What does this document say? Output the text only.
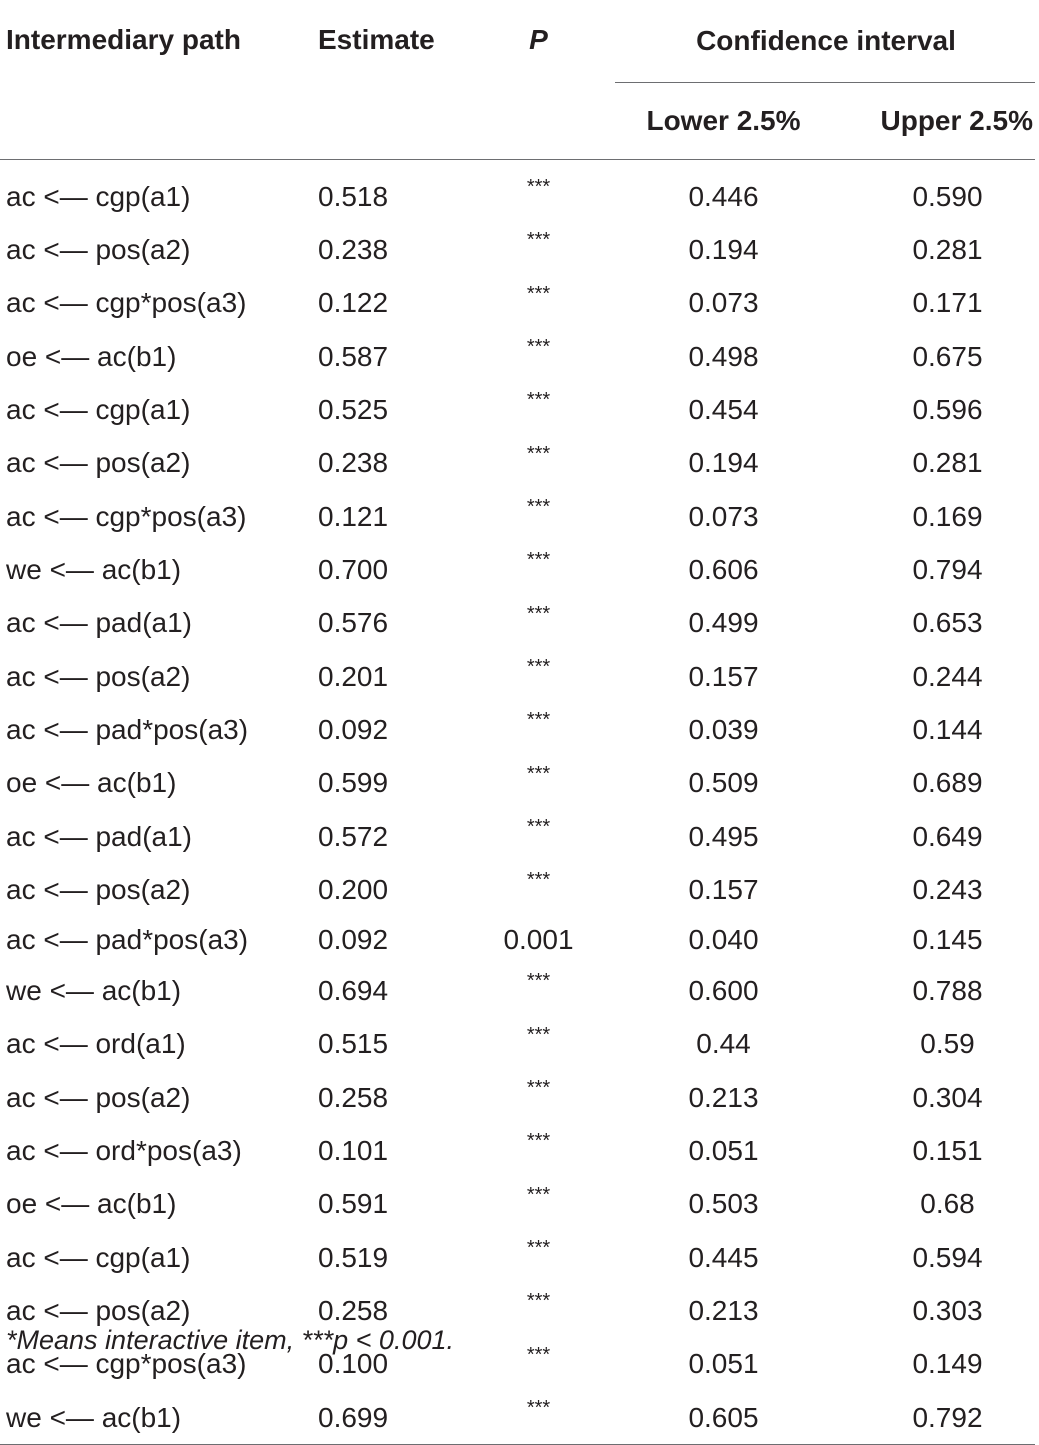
Intermediary path	Estimate	P	Confidence interval	
			Lower 2.5%	Upper 2.5%

ac <— cgp(a1)	0.518	***	0.446	0.590
ac <— pos(a2)	0.238	***	0.194	0.281
ac <— cgp*pos(a3)	0.122	***	0.073	0.171
oe <— ac(b1)	0.587	***	0.498	0.675
ac <— cgp(a1)	0.525	***	0.454	0.596
ac <— pos(a2)	0.238	***	0.194	0.281
ac <— cgp*pos(a3)	0.121	***	0.073	0.169
we <— ac(b1)	0.700	***	0.606	0.794
ac <— pad(a1)	0.576	***	0.499	0.653
ac <— pos(a2)	0.201	***	0.157	0.244
ac <— pad*pos(a3)	0.092	***	0.039	0.144
oe <— ac(b1)	0.599	***	0.509	0.689
ac <— pad(a1)	0.572	***	0.495	0.649
ac <— pos(a2)	0.200	***	0.157	0.243
ac <— pad*pos(a3)	0.092	0.001	0.040	0.145
we <— ac(b1)	0.694	***	0.600	0.788
ac <— ord(a1)	0.515	***	0.44	0.59
ac <— pos(a2)	0.258	***	0.213	0.304
ac <— ord*pos(a3)	0.101	***	0.051	0.151
oe <— ac(b1)	0.591	***	0.503	0.68
ac <— cgp(a1)	0.519	***	0.445	0.594
ac <— pos(a2)	0.258	***	0.213	0.303
ac <— cgp*pos(a3)	0.100	***	0.051	0.149
we <— ac(b1)	0.699	***	0.605	0.792
*Means interactive item, ***p < 0.001.
